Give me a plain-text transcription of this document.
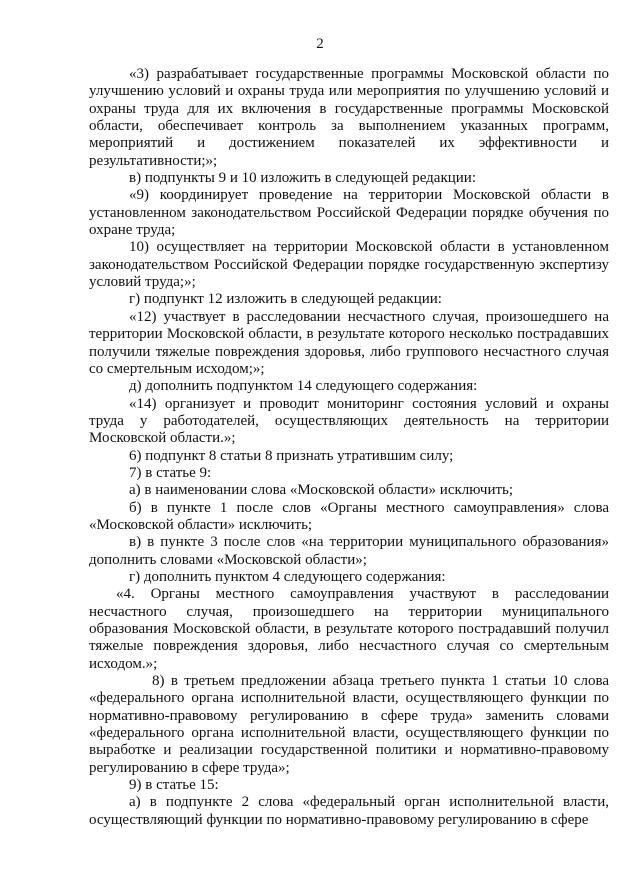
2

«3) разрабатывает государственные программы Московской области по улучшению условий и охраны труда или мероприятия по улучшению условий и охраны труда для их включения в государственные программы Московской области, обеспечивает контроль за выполнением указанных программ, мероприятий и достижением показателей их эффективности и результативности;»;

в) подпункты 9 и 10 изложить в следующей редакции:

«9) координирует проведение на территории Московской области в установленном законодательством Российской Федерации порядке обучения по охране труда;

10) осуществляет на территории Московской области в установленном законодательством Российской Федерации порядке государственную экспертизу условий труда;»;

г) подпункт 12 изложить в следующей редакции:

«12) участвует в расследовании несчастного случая, произошедшего на территории Московской области, в результате которого несколько пострадавших получили тяжелые повреждения здоровья, либо группового несчастного случая со смертельным исходом;»;

д) дополнить подпунктом 14 следующего содержания:

«14) организует и проводит мониторинг состояния условий и охраны труда у работодателей, осуществляющих деятельность на территории Московской области.»;

6) подпункт 8 статьи 8 признать утратившим силу;

7) в статье 9:

а) в наименовании слова «Московской области» исключить;

б) в пункте 1 после слов «Органы местного самоуправления» слова «Московской области» исключить;

в) в пункте 3 после слов «на территории муниципального образования» дополнить словами «Московской области»;

г) дополнить пунктом 4 следующего содержания:

«4. Органы местного самоуправления участвуют в расследовании несчастного случая, произошедшего на территории муниципального образования Московской области, в результате которого пострадавший получил тяжелые повреждения здоровья, либо несчастного случая со смертельным исходом.»;

8) в третьем предложении абзаца третьего пункта 1 статьи 10 слова «федерального органа исполнительной власти, осуществляющего функции по нормативно-правовому регулированию в сфере труда» заменить словами «федерального органа исполнительной власти, осуществляющего функции по выработке и реализации государственной политики и нормативно-правовому регулированию в сфере труда»;

9) в статье 15:

а) в подпункте 2 слова «федеральный орган исполнительной власти, осуществляющий функции по нормативно-правовому регулированию в сфере
